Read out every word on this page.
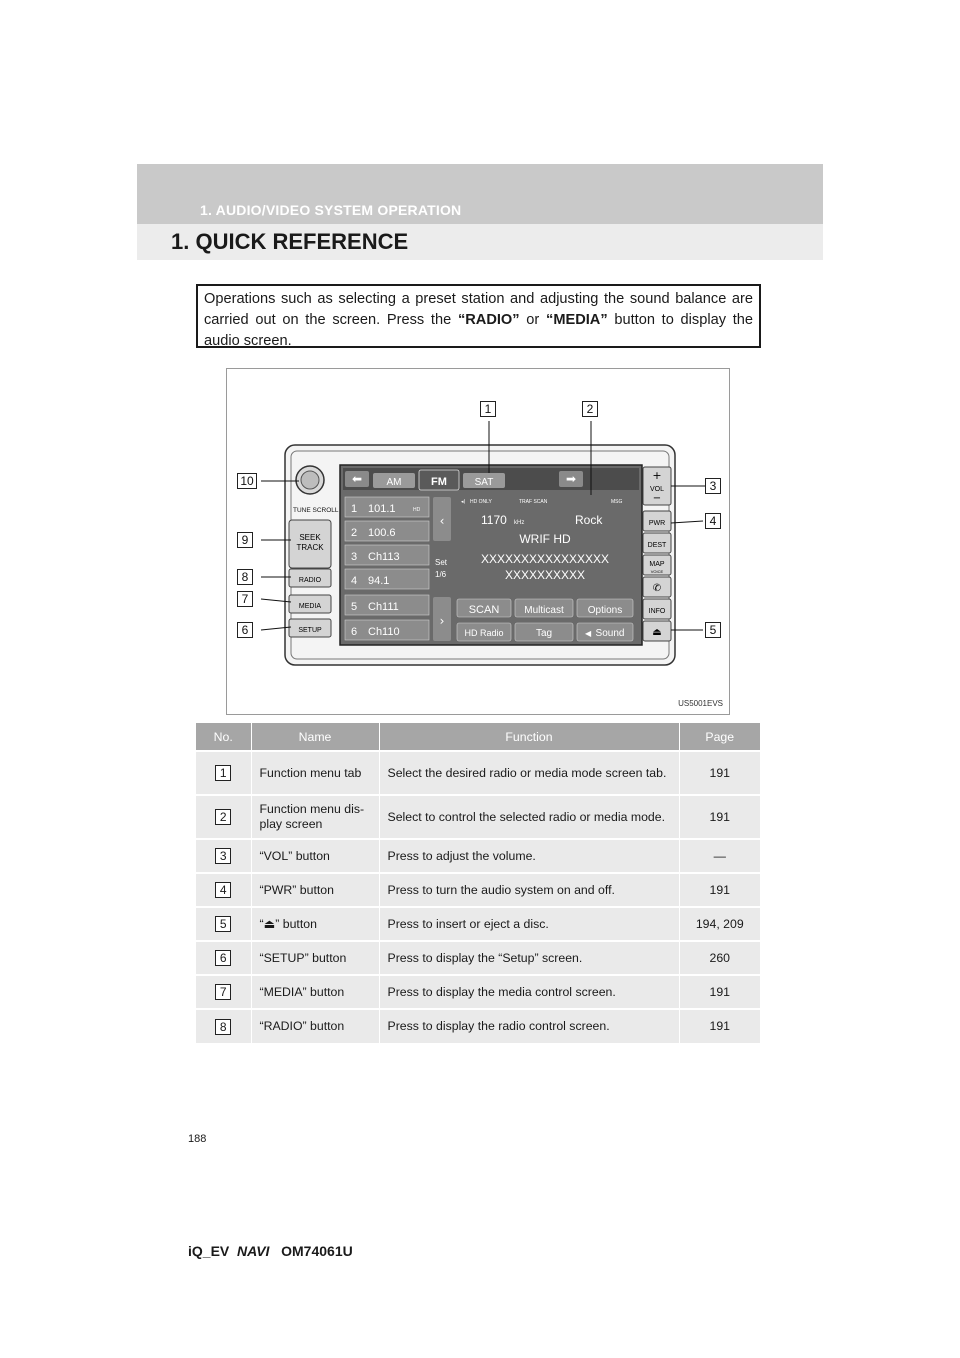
1. AUDIO/VIDEO SYSTEM OPERATION
1. QUICK REFERENCE
Operations such as selecting a preset station and adjusting the sound balance are carried out on the screen. Press the “RADIO” or “MEDIA” button to display the audio screen.
TUNE SCROLL
SEEK
TRACK
RADIO
MEDIA
SETUP
⬅ AM	FM	SAT	➡
1 101.1	HD
2 100.6
3 Ch113
4 94.1
5 Ch111
6 Ch110
‹
Set
1/6
›
◂) HD ONLY	TRAF SCAN	MSG
1170 kHz	Rock
WRIF HD
XXXXXXXXXXXXXXXX
XXXXXXXXXX
SCAN Multicast Options
HD Radio	Tag	Sound
◀
+
VOL
−
PWR
DEST
MAP
VOICE
✆
INFO
⏏
1	2
3
4
5
10
9
8
7
6
US5001EVS
No.	Name	Function	Page
1	Function menu tab	Select the desired radio or media mode screen tab.	191
2	Function menu dis-play screen	Select to control the selected radio or media mode.	191
3	“VOL” button	Press to adjust the volume.	—
4	“PWR” button	Press to turn the audio system on and off.	191
5	“⏏” button	Press to insert or eject a disc.	194, 209
6	“SETUP” button	Press to display the “Setup” screen.	260
7	“MEDIA” button	Press to display the media control screen.	191
8	“RADIO” button	Press to display the radio control screen.	191
188
iQ_EV NAVI OM74061U
